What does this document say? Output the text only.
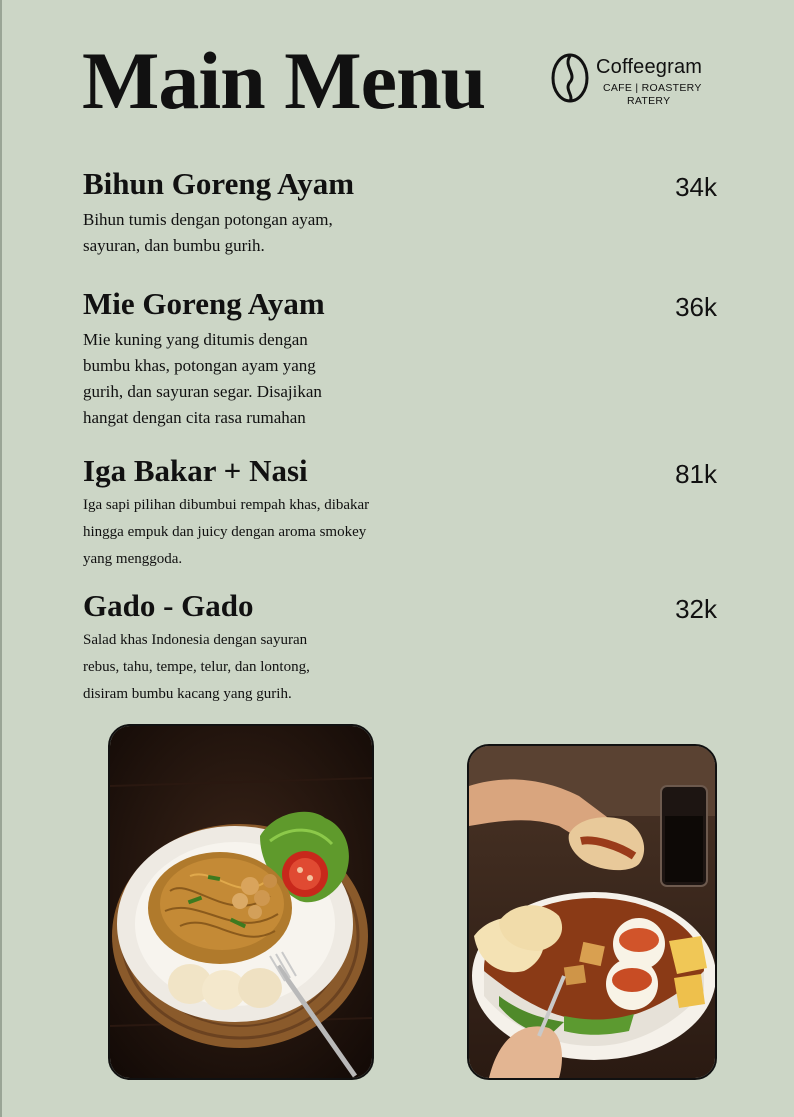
Main Menu	Coffeegram
CAFE | ROASTERY
RATERY
Bihun Goreng Ayam	34k

Bihun tumis dengan potongan ayam,
sayuran, dan bumbu gurih.

Mie Goreng Ayam	36k

Mie kuning yang ditumis dengan
bumbu khas, potongan ayam yang
gurih, dan sayuran segar. Disajikan
hangat dengan cita rasa rumahan

Iga Bakar + Nasi	81k

Iga sapi pilihan dibumbui rempah khas, dibakar
hingga empuk dan juicy dengan aroma smokey
yang menggoda.

Gado - Gado	32k

Salad khas Indonesia dengan sayuran
rebus, tahu, tempe, telur, dan lontong,
disiram bumbu kacang yang gurih.
